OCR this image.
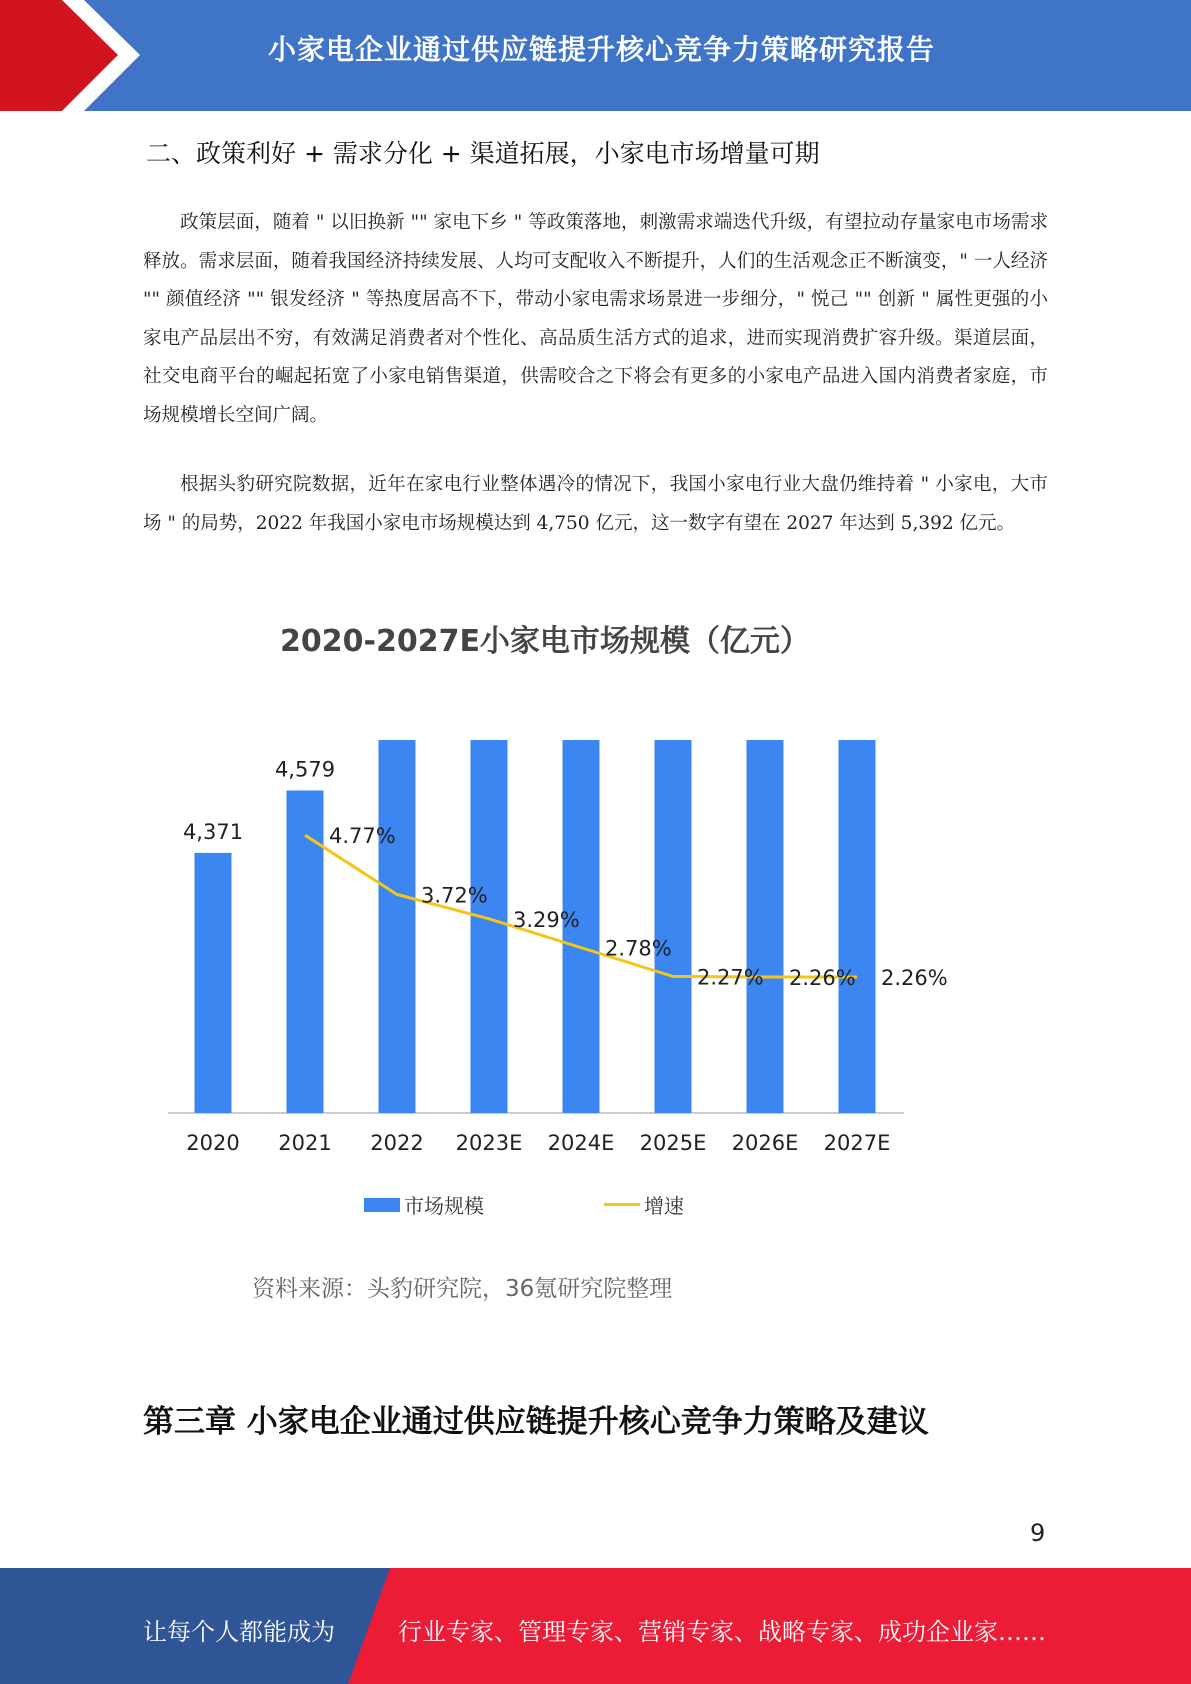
小家电企业通过供应链提升核心竞争力策略研究报告
二、政策利好 + 需求分化 + 渠道拓展，小家电市场增量可期

政策层面，随着 " 以旧换新 "" 家电下乡 " 等政策落地，刺激需求端迭代升级，有望拉动存量家电市场需求释放。需求层面，随着我国经济持续发展、人均可支配收入不断提升，人们的生活观念正不断演变，" 一人经济 "" 颜值经济 "" 银发经济 " 等热度居高不下，带动小家电需求场景进一步细分，" 悦己 "" 创新 " 属性更强的小家电产品层出不穷，有效满足消费者对个性化、高品质生活方式的追求，进而实现消费扩容升级。渠道层面，社交电商平台的崛起拓宽了小家电销售渠道，供需咬合之下将会有更多的小家电产品进入国内消费者家庭，市场规模增长空间广阔。

根据头豹研究院数据，近年在家电行业整体遇冷的情况下，我国小家电行业大盘仍维持着 " 小家电，大市场 " 的局势，2022 年我国小家电市场规模达到 4,750 亿元，这一数字有望在 2027 年达到 5,392 亿元。

2020-2027E小家电市场规模（亿元）
4,371
4,579
4.77%
3.72%
3.29%
2.78%
2.27% 2.26% 2.26%
2020 2021 2022 2023E 2024E 2025E 2026E 2027E
市场规模	增速
资料来源：头豹研究院，36氪研究院整理
第三章 小家电企业通过供应链提升核心竞争力策略及建议
9
让每个人都能成为	行业专家、管理专家、营销专家、战略专家、成功企业家……
